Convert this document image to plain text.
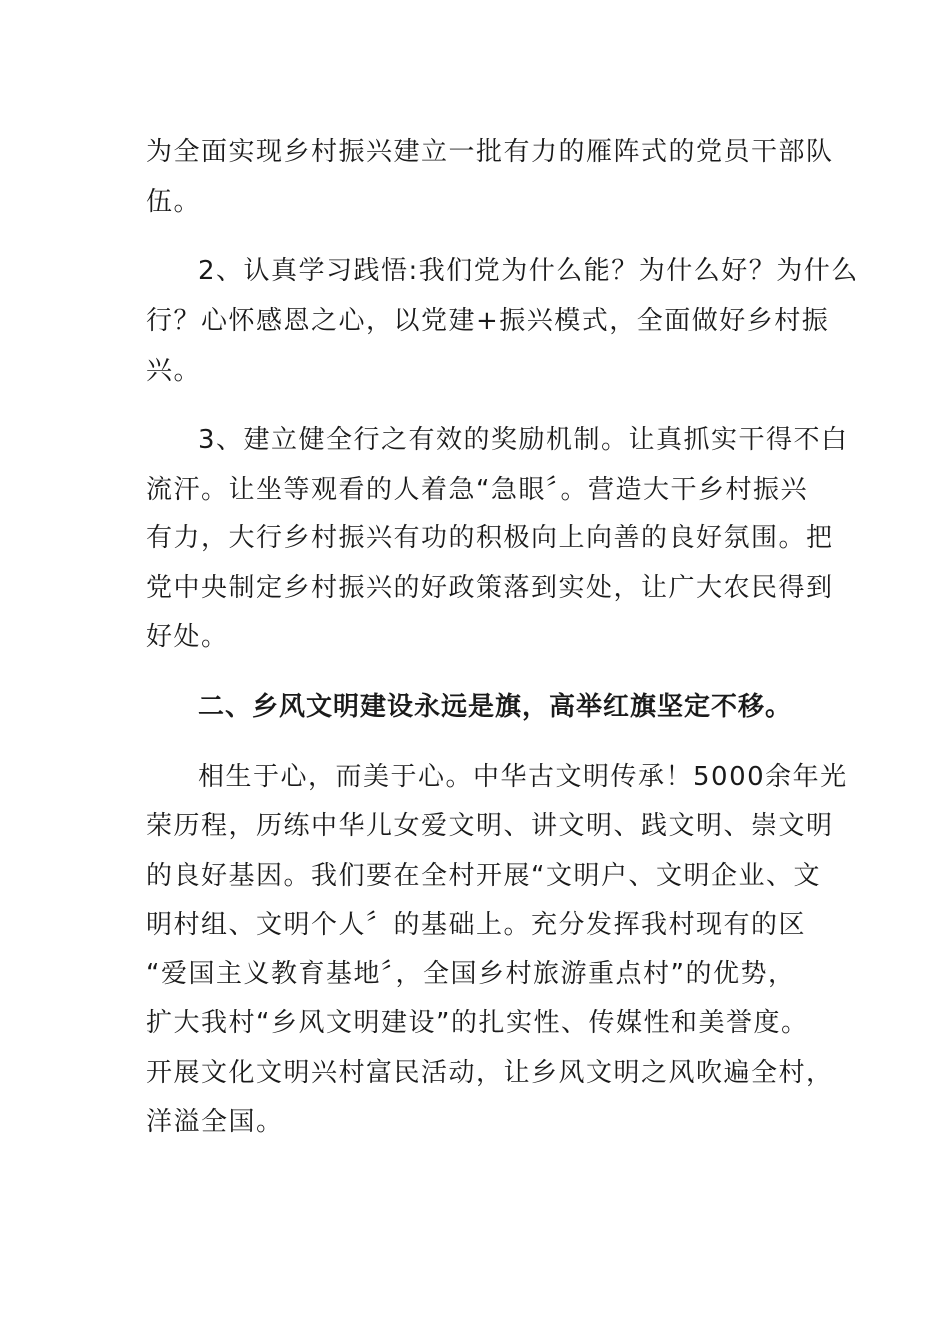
为全面实现乡村振兴建立一批有力的雁阵式的党员干部队

伍。

2、认真学习践悟:我们党为什么能？为什么好？为什么

行？心怀感恩之心，以党建+振兴模式，全面做好乡村振

兴。

3、建立健全行之有效的奖励机制。让真抓实干得不白

流汗。让坐等观看的人着急“急眼〞。营造大干乡村振兴

有力，大行乡村振兴有功的积极向上向善的良好氛围。把

党中央制定乡村振兴的好政策落到实处，让广大农民得到

好处。

二、乡风文明建设永远是旗，高举红旗坚定不移。

相生于心，而美于心。中华古文明传承！5000余年光

荣历程，历练中华儿女爱文明、讲文明、践文明、崇文明

的良好基因。我们要在全村开展“文明户、文明企业、文

明村组、文明个人〞的基础上。充分发挥我村现有的区

“爱国主义教育基地〞，全国乡村旅游重点村”的优势，

扩大我村“乡风文明建设”的扎实性、传媒性和美誉度。

开展文化文明兴村富民活动，让乡风文明之风吹遍全村，

洋溢全国。
